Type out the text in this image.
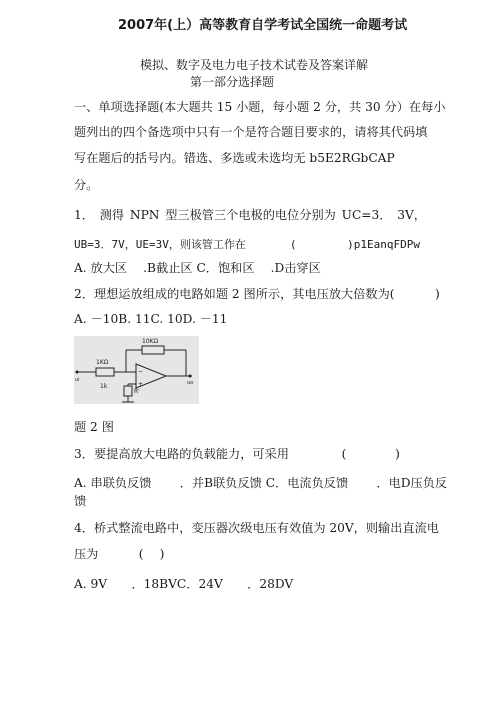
2007年(上）高等教育自学考试全国统一命题考试
模拟、数字及电力电子技术试卷及答案详解
第一部分选择题
一、单项选择题(本大题共 15 小题，每小题 2 分，共 30 分）在每小
题列出的四个备选项中只有一个是符合题目要求的，请将其代码填
写在题后的括号内。错选、多选或未选均无 b5E2RGbCAP
分。
1． 测得 NPN 型三极管三个电极的电位分别为 UC=3． 3V，
UB=3．7V，UE=3V，则该管工作在　　　　(　　　　 )p1EanqFDPw
A. 放大区　 .B截止区 C．饱和区　 .D击穿区
2．理想运放组成的电路如题 2 图所示，其电压放大倍数为(　　　 )
A. －10B. 11C. 10D. －11
−
+
1KΩ
10KΩ
1k
R'
ui	uo
题 2 图
3．要提高放大电路的负载能力，可采用　　　　 (　　　　)
A. 串联负反馈　　 ．并B联负反馈 C．电流负反馈　　 ．电D压负反
馈
4．桥式整流电路中，变压器次级电压有效值为 20V，则输出直流电
压为　　　 (　 )
A. 9V　　．18BVC．24V　　．28DV
